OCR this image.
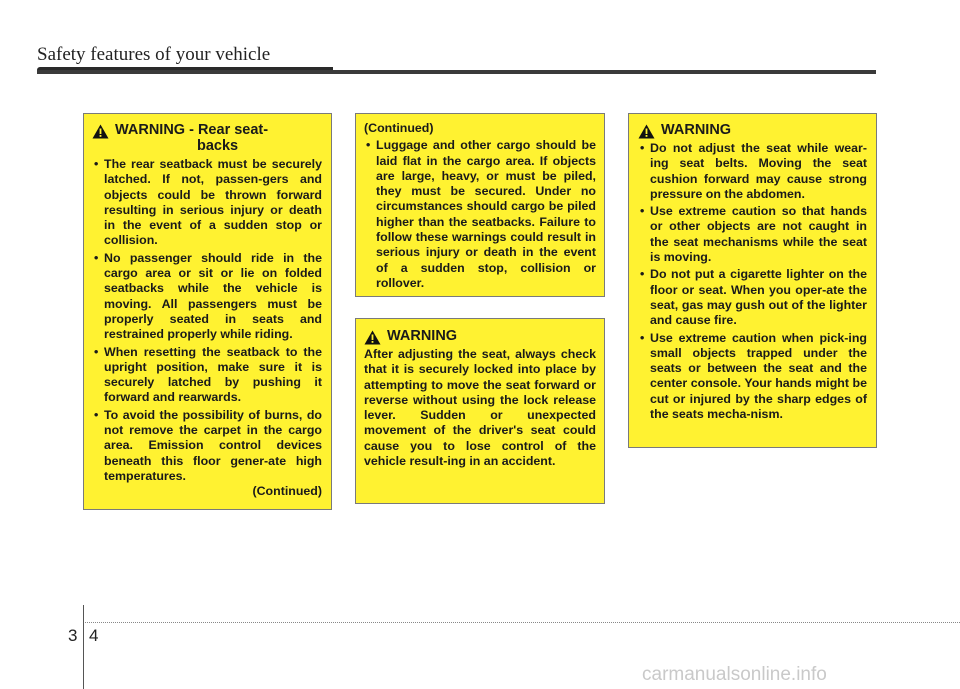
Safety features of your vehicle
WARNING - Rear seat-
backs
• The rear seatback must be securely latched. If not, passen-gers and objects could be thrown forward resulting in serious injury or death in the event of a sudden stop or collision.
• No passenger should ride in the cargo area or sit or lie on folded seatbacks while the vehicle is moving. All passengers must be properly seated in seats and restrained properly while riding.
• When resetting the seatback to the upright position, make sure it is securely latched by pushing it forward and rearwards.
• To avoid the possibility of burns, do not remove the carpet in the cargo area. Emission control devices beneath this floor gener-ate high temperatures.
(Continued)
(Continued)
• Luggage and other cargo should be laid flat in the cargo area. If objects are large, heavy, or must be piled, they must be secured. Under no circumstances should cargo be piled higher than the seatbacks. Failure to follow these warnings could result in serious injury or death in the event of a sudden stop, collision or rollover.
WARNING

After adjusting the seat, always check that it is securely locked into place by attempting to move the seat forward or reverse without using the lock release lever. Sudden or unexpected movement of the driver's seat could cause you to lose control of the vehicle result-ing in an accident.

WARNING
• Do not adjust the seat while wear-ing seat belts. Moving the seat cushion forward may cause strong pressure on the abdomen.
• Use extreme caution so that hands or other objects are not caught in the seat mechanisms while the seat is moving.
• Do not put a cigarette lighter on the floor or seat. When you oper-ate the seat, gas may gush out of the lighter and cause fire.
• Use extreme caution when pick-ing small objects trapped under the seats or between the seat and the center console. Your hands might be cut or injured by the sharp edges of the seats mecha-nism.
3 4
carmanualsonline.info
